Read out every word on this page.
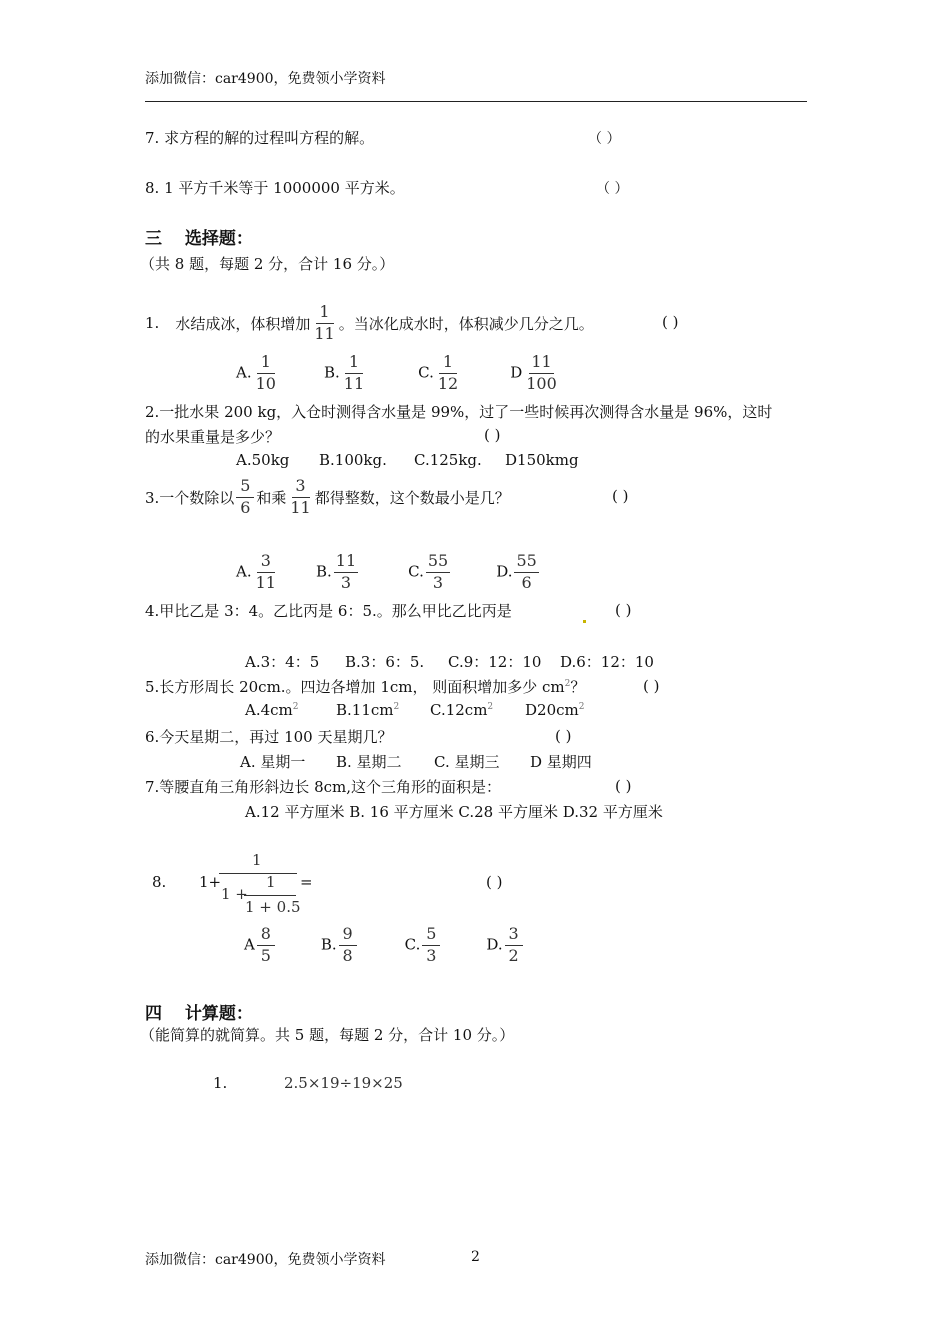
添加微信：car4900，免费领小学资料
7. 求方程的解的过程叫方程的解。	（ ）
8. 1 平方千米等于 1000000 平方米。	（ ）
三　 选择题：
（共 8 题，每题 2 分，合计 16 分。）
1. 水结成冰，体积增加 $\frac{1}{11}$ 。当冰化成水时，体积减少几分之几。	( )
A. $\frac{1}{10}$	B. $\frac{1}{11}$	C. $\frac{1}{12}$	D $\frac{11}{100}$
2.一批水果 200 kg，入仓时测得含水量是 99%，过了一些时候再次测得含水量是 96%，这时
的水果重量是多少？	( )
A.50kg B.100kg. C.125kg. D150kmg
3.一个数除以 $\frac{5}{6}$ 和乘 $\frac{3}{11}$ 都得整数，这个数最小是几？	( )
A. $\frac{3}{11}$	B. $\frac{11}{3}$	C. $\frac{55}{3}$	D. $\frac{55}{6}$
4.甲比乙是 3：4。乙比丙是 6：5.。那么甲比乙比丙是	( )
A.3：4：5 B.3：6：5. C.9：12：10 D.6：12：10
5.长方形周长 20cm.。四边各增加 1cm， 则面积增加多少 $cm^2$？	( )
$A.4cm^2$ $B.11cm^2$ $C.12cm^2$ $D20cm^2$
6.今天星期二，再过 100 天星期几？	( )
A. 星期一 B. 星期二 C. 星期三 D 星期四
7.等腰直角三角形斜边长 8cm,这个三角形的面积是：	( )
A.12 平方厘米 B. 16 平方厘米 C.28 平方厘米 D.32 平方厘米
8. 1+
1
1 +
1
1 + 0.5
=	( )
A $\frac{8}{5}$	B. $\frac{9}{8}$	C. $\frac{5}{3}$	D. $\frac{3}{2}$
四　 计算题：
（能简算的就简算。共 5 题，每题 2 分，合计 10 分。）
1.	2.5×19÷19×25
添加微信：car4900，免费领小学资料	2
